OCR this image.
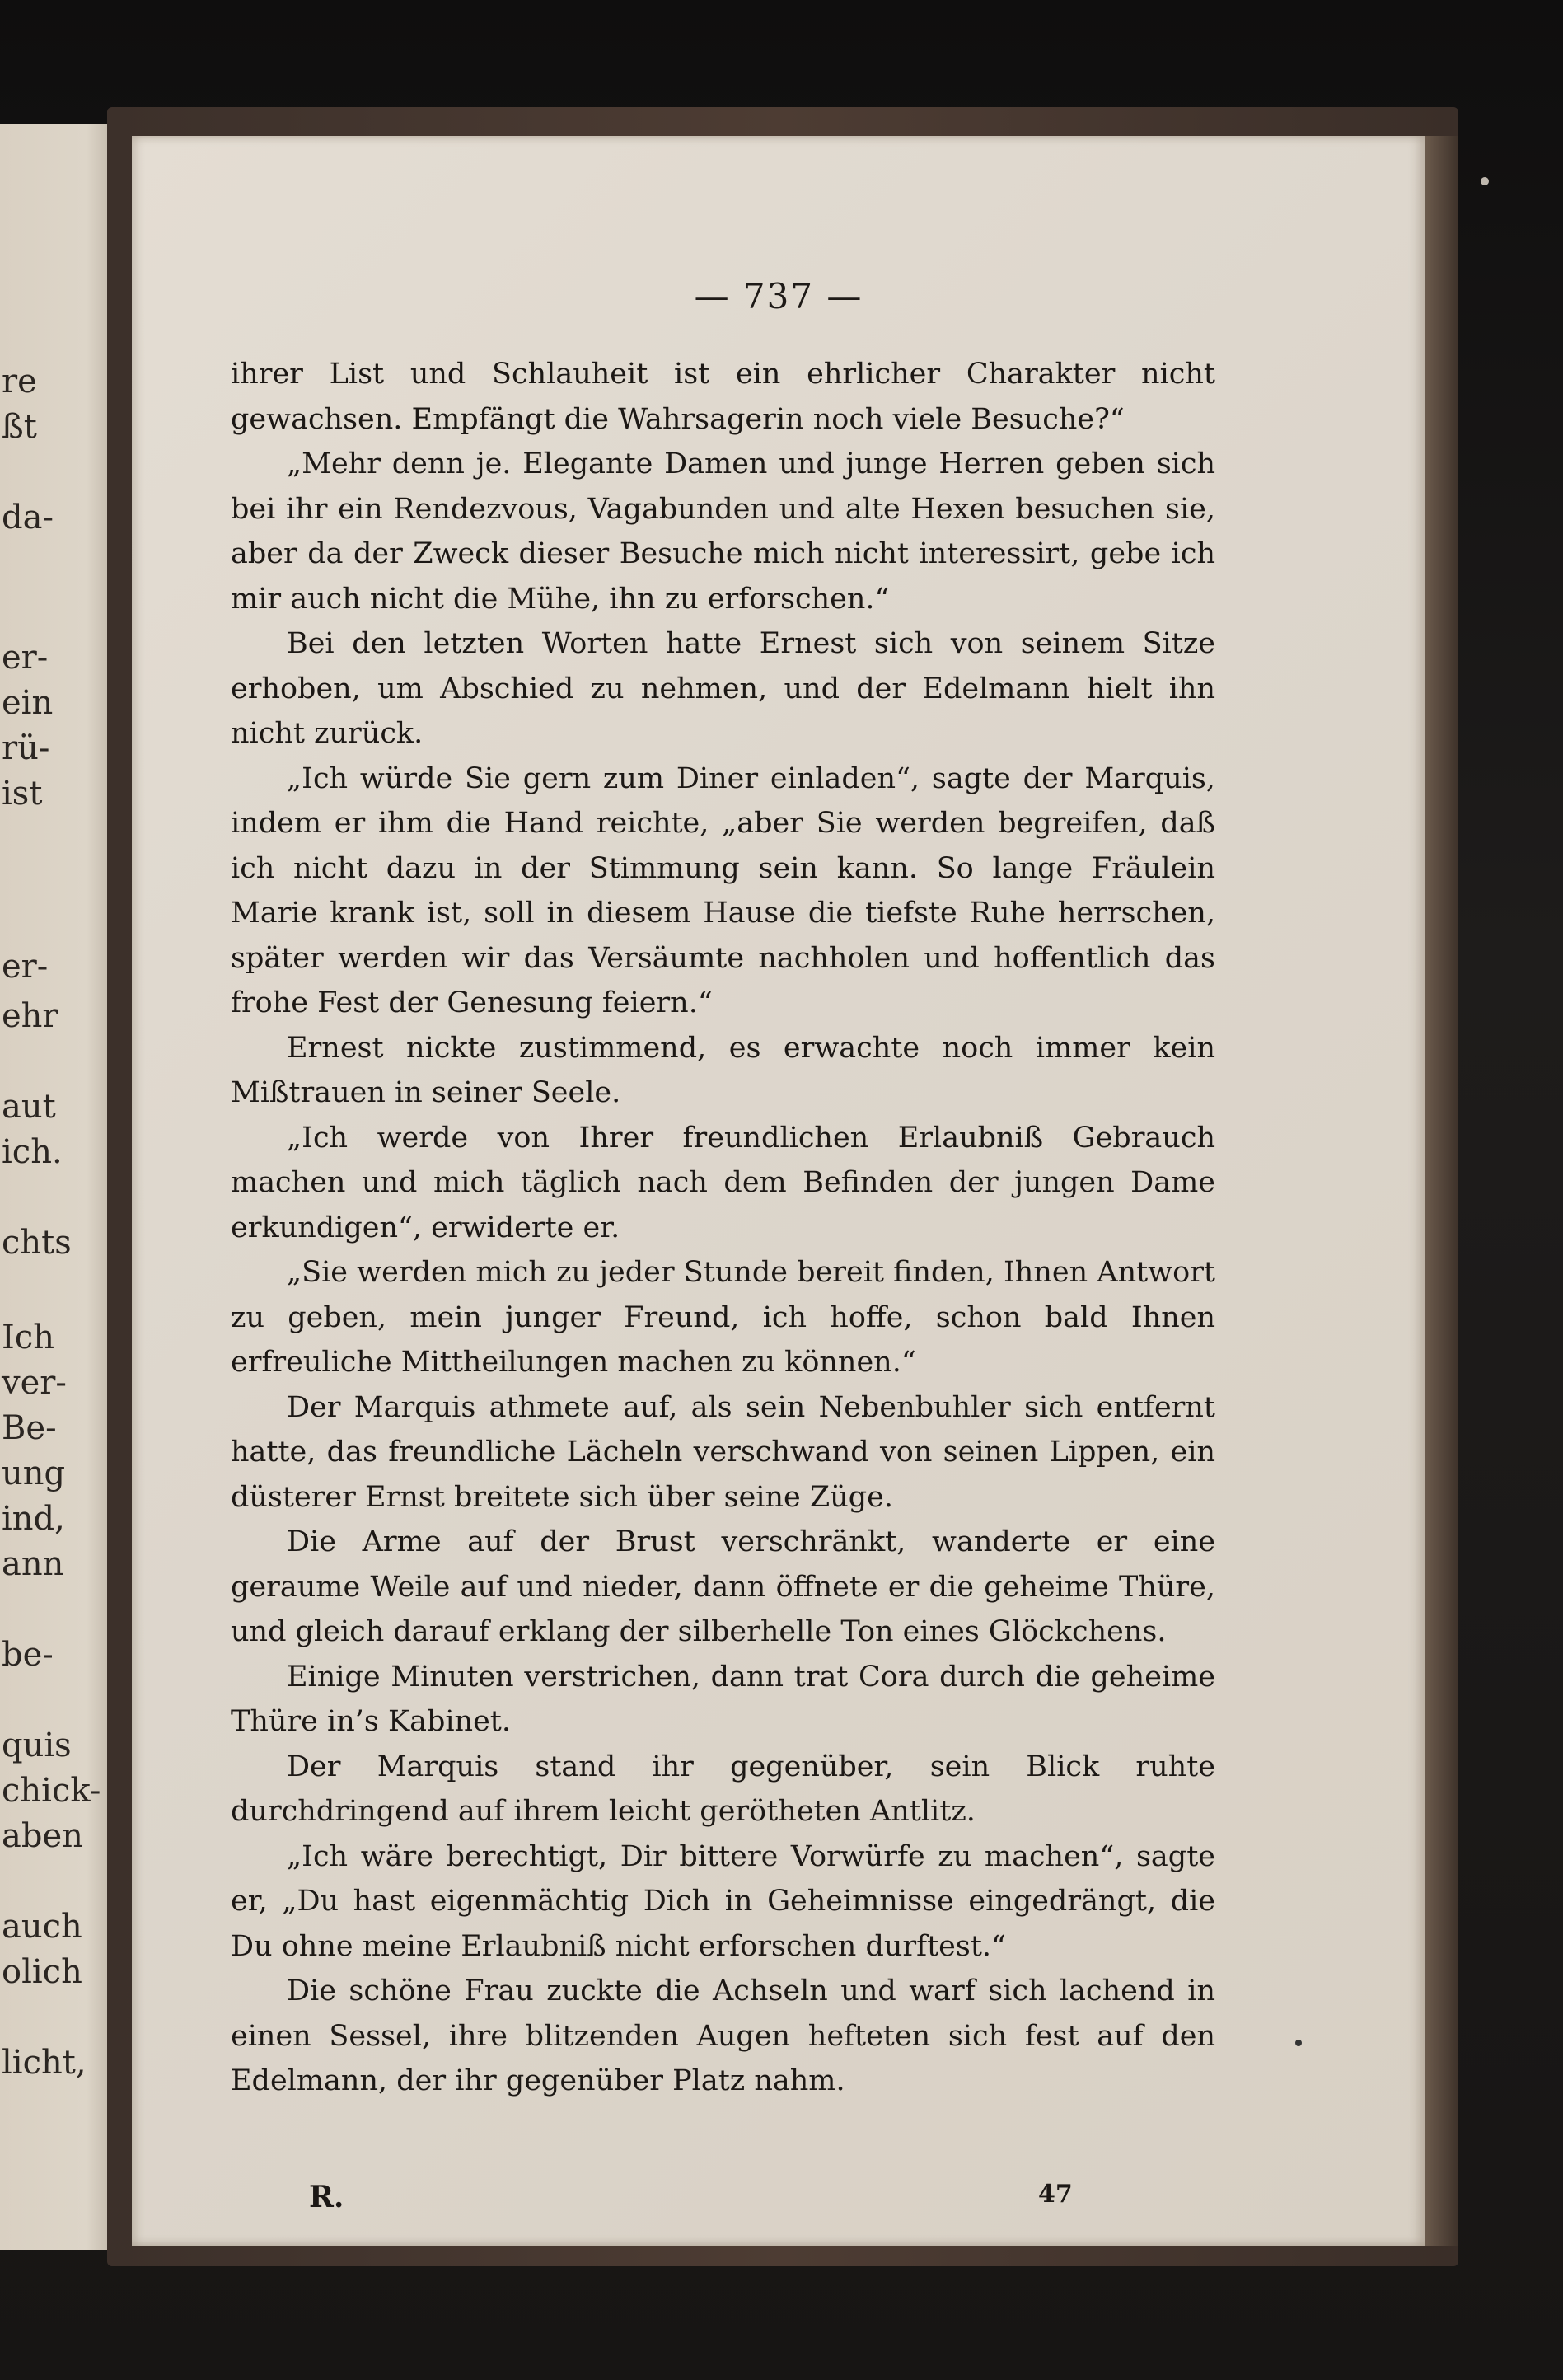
re
ßt
da-
er-
ein
rü-
ist
er-
ehr
aut
ich.
chts
Ich
ver-
Be-
ung
ind,
ann
be-
quis
chick-
aben
auch
olich
licht,
— 737 —

ihrer List und Schlauheit ist ein ehrlicher Charakter nicht gewachsen. Empfängt die Wahrsagerin noch viele Besuche?“

„Mehr denn je. Elegante Damen und junge Herren geben sich bei ihr ein Rendezvous, Vagabunden und alte Hexen besuchen sie, aber da der Zweck dieser Besuche mich nicht interessirt, gebe ich mir auch nicht die Mühe, ihn zu erforschen.“

Bei den letzten Worten hatte Ernest sich von seinem Sitze erhoben, um Abschied zu nehmen, und der Edelmann hielt ihn nicht zurück.

„Ich würde Sie gern zum Diner einladen“, sagte der Marquis, indem er ihm die Hand reichte, „aber Sie werden begreifen, daß ich nicht dazu in der Stimmung sein kann. So lange Fräulein Marie krank ist, soll in diesem Hause die tiefste Ruhe herrschen, später werden wir das Versäumte nachholen und hoffentlich das frohe Fest der Genesung feiern.“

Ernest nickte zustimmend, es erwachte noch immer kein Mißtrauen in seiner Seele.

„Ich werde von Ihrer freundlichen Erlaubniß Gebrauch machen und mich täglich nach dem Befinden der jungen Dame erkundigen“, erwiderte er.

„Sie werden mich zu jeder Stunde bereit finden, Ihnen Antwort zu geben, mein junger Freund, ich hoffe, schon bald Ihnen erfreuliche Mittheilungen machen zu können.“

Der Marquis athmete auf, als sein Nebenbuhler sich entfernt hatte, das freundliche Lächeln verschwand von seinen Lippen, ein düsterer Ernst breitete sich über seine Züge.

Die Arme auf der Brust verschränkt, wanderte er eine geraume Weile auf und nieder, dann öffnete er die geheime Thüre, und gleich darauf erklang der silberhelle Ton eines Glöckchens.

Einige Minuten verstrichen, dann trat Cora durch die geheime Thüre in’s Kabinet.

Der Marquis stand ihr gegenüber, sein Blick ruhte durchdringend auf ihrem leicht gerötheten Antlitz.

„Ich wäre berechtigt, Dir bittere Vorwürfe zu machen“, sagte er, „Du hast eigenmächtig Dich in Geheimnisse eingedrängt, die Du ohne meine Erlaubniß nicht erforschen durftest.“

Die schöne Frau zuckte die Achseln und warf sich lachend in einen Sessel, ihre blitzenden Augen hefteten sich fest auf den Edelmann, der ihr gegenüber Platz nahm.

R.	47
